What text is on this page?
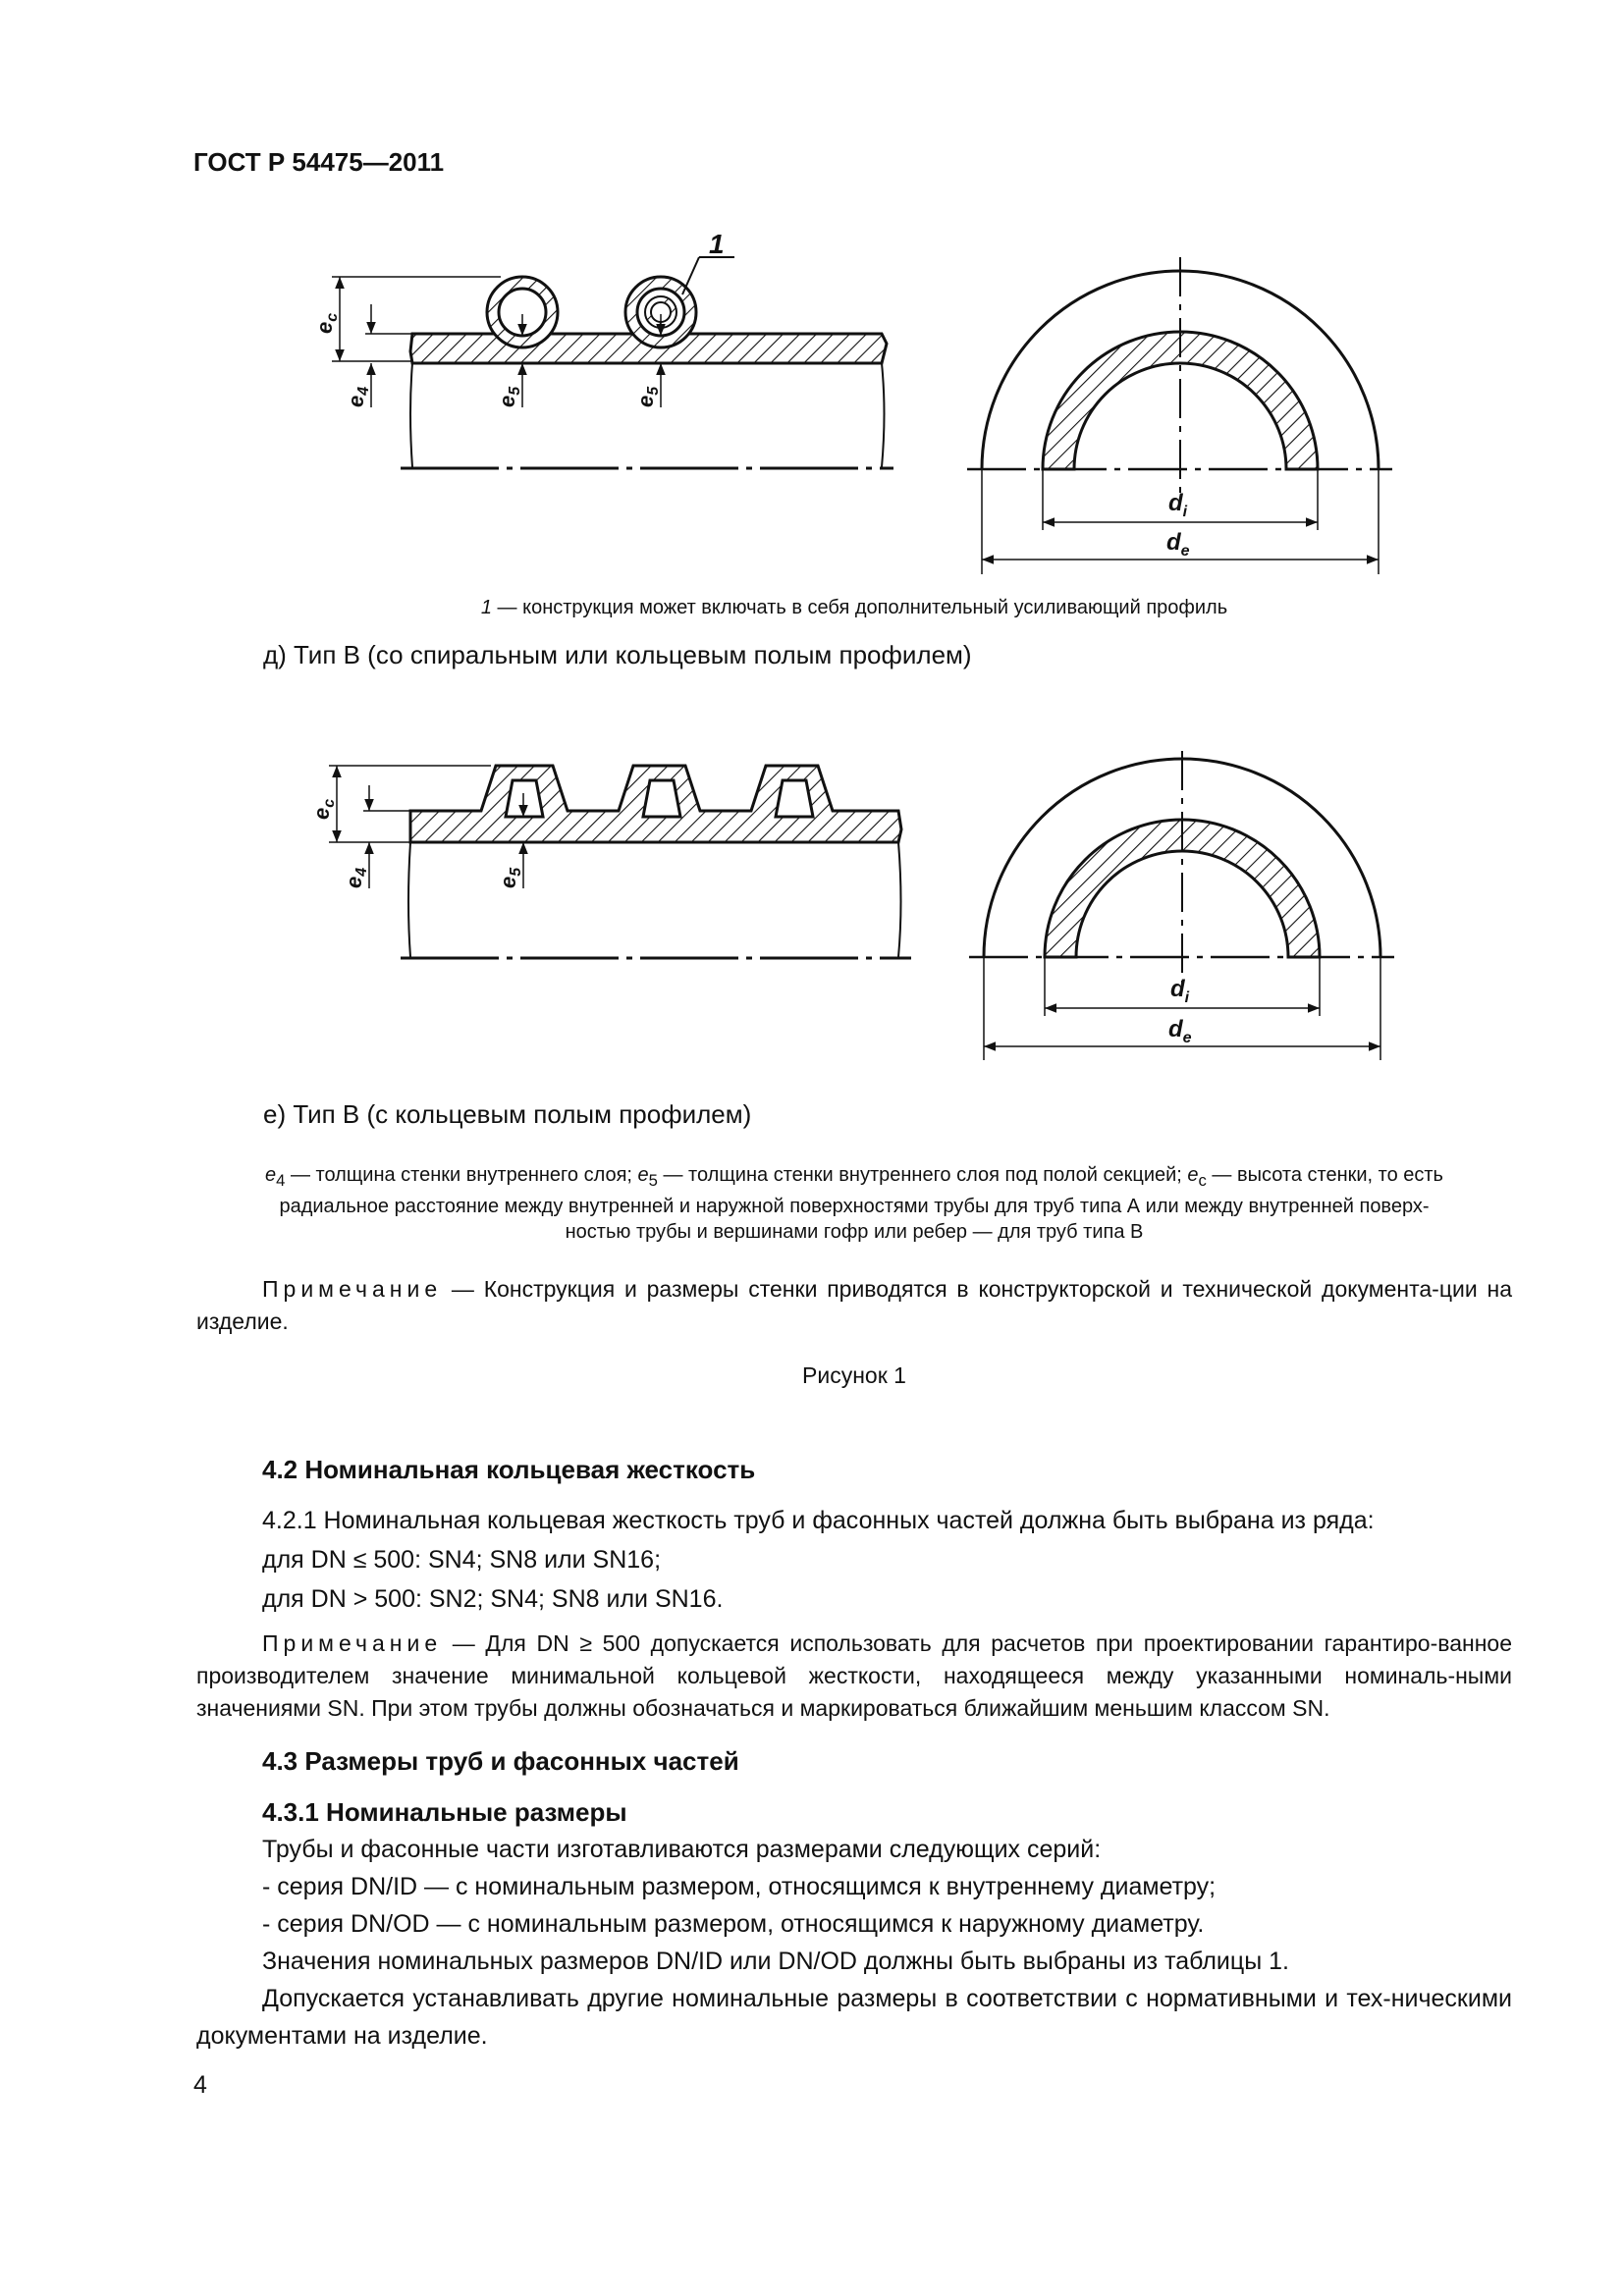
ГОСТ Р 54475—2011
1
$e_c$
$e_4$
$e_5$
$e_5$
$d_i$
$d_e$
$e_c$
$e_4$
$e_5$
$d_i$
$d_e$
1 — конструкция может включать в себя дополнительный усиливающий профиль
д) Тип В (со спиральным или кольцевым полым профилем)
е) Тип В (с кольцевым полым профилем)
$e_4$ — толщина стенки внутреннего слоя; $e_5$ — толщина стенки внутреннего слоя под полой секцией; $e_c$ — высота стенки, то есть
радиальное расстояние между внутренней и наружной поверхностями трубы для труб типа А или между внутренней поверх-
ностью трубы и вершинами гофр или ребер — для труб типа В
Примечание — Конструкция и размеры стенки приводятся в конструкторской и технической документа-ции на изделие.
Рисунок 1
4.2 Номинальная кольцевая жесткость
4.2.1 Номинальная кольцевая жесткость труб и фасонных частей должна быть выбрана из ряда:
для DN ≤ 500: SN4; SN8 или SN16;
для DN > 500: SN2; SN4; SN8 или SN16.
Примечание — Для DN ≥ 500 допускается использовать для расчетов при проектировании гарантиро-ванное производителем значение минимальной кольцевой жесткости, находящееся между указанными номиналь-ными значениями SN. При этом трубы должны обозначаться и маркироваться ближайшим меньшим классом SN.
4.3 Размеры труб и фасонных частей
4.3.1 Номинальные размеры
Трубы и фасонные части изготавливаются размерами следующих серий:
- серия DN/ID — с номинальным размером, относящимся к внутреннему диаметру;
- серия DN/OD — с номинальным размером, относящимся к наружному диаметру.
Значения номинальных размеров DN/ID или DN/OD должны быть выбраны из таблицы 1.
Допускается устанавливать другие номинальные размеры в соответствии с нормативными и тех-ническими документами на изделие.
4
